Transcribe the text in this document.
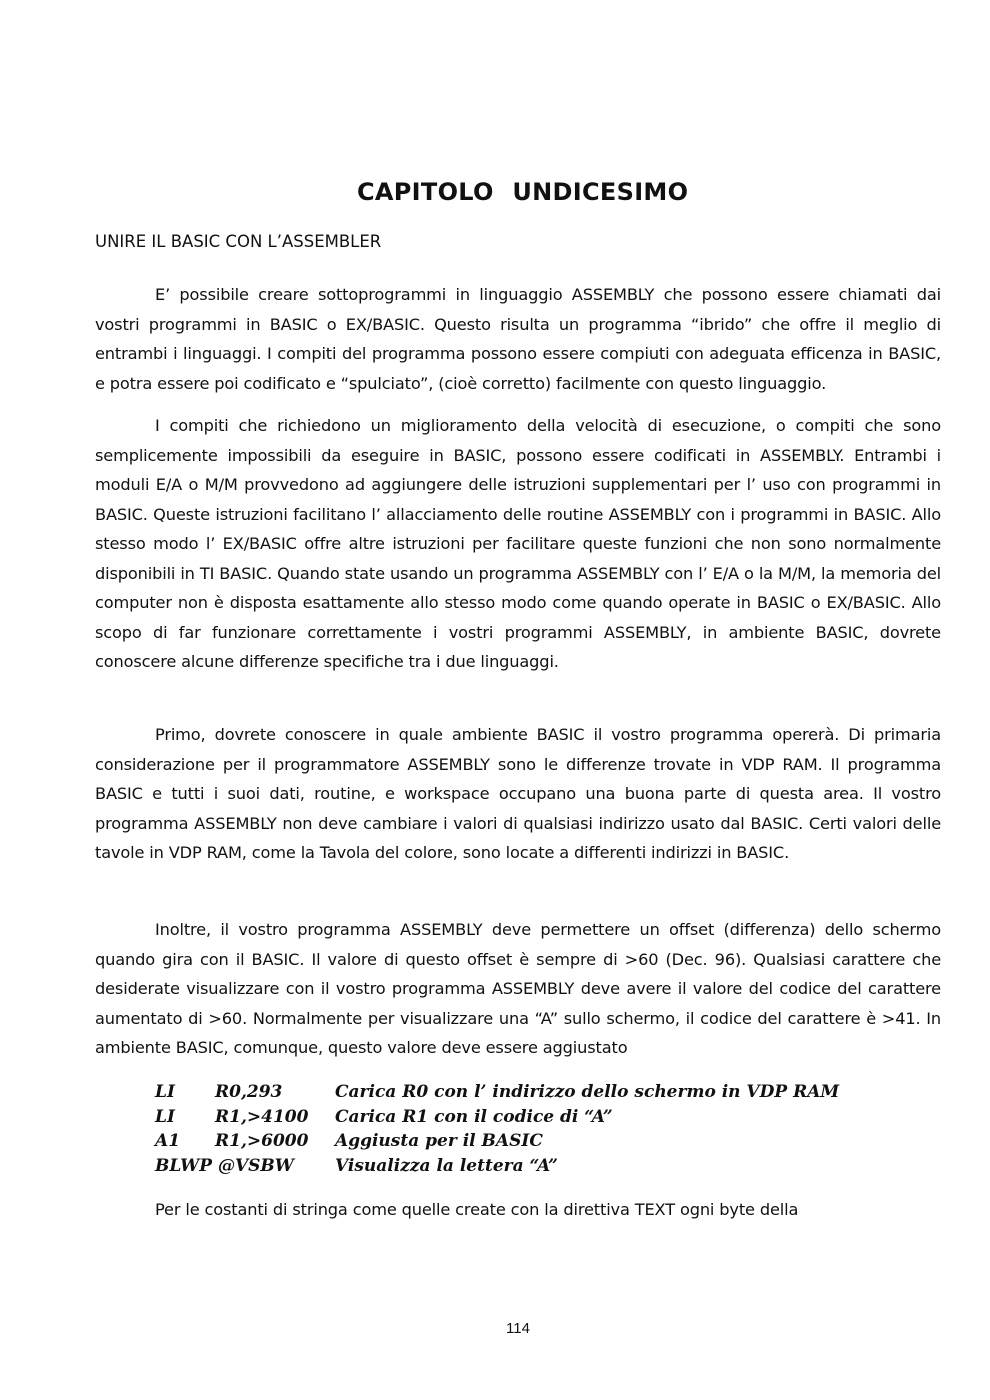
CAPITOLO UNDICESIMO
UNIRE IL BASIC CON L’ASSEMBLER

E’ possibile creare sottoprogrammi in linguaggio ASSEMBLY che possono essere chiamati dai vostri programmi in BASIC o EX/BASIC. Questo risulta un programma “ibrido” che offre il meglio di entrambi i linguaggi. I compiti del programma possono essere compiuti con adeguata efficenza in BASIC, e potra essere poi codificato e “spulciato”, (cioè corretto) facilmente con questo linguaggio.

I compiti che richiedono un miglioramento della velocità di esecuzione, o compiti che sono semplicemente impossibili da eseguire in BASIC, possono essere codificati in ASSEMBLY. Entrambi i moduli E/A o M/M provvedono ad aggiungere delle istruzioni supplementari per l’ uso con programmi in BASIC. Queste istruzioni facilitano l’ allacciamento delle routine ASSEMBLY con i programmi in BASIC. Allo stesso modo l’ EX/BASIC offre altre istruzioni per facilitare queste funzioni che non sono normalmente disponibili in TI BASIC. Quando state usando un programma ASSEMBLY con l’ E/A o la M/M, la memoria del computer non è disposta esattamente allo stesso modo come quando operate in BASIC o EX/BASIC. Allo scopo di far funzionare correttamente i vostri programmi ASSEMBLY, in ambiente BASIC, dovrete conoscere alcune differenze specifiche tra i due linguaggi.

Primo, dovrete conoscere in quale ambiente BASIC il vostro programma opererà. Di primaria considerazione per il programmatore ASSEMBLY sono le differenze trovate in VDP RAM. Il programma BASIC e tutti i suoi dati, routine, e workspace occupano una buona parte di questa area. Il vostro programma ASSEMBLY non deve cambiare i valori di qualsiasi indirizzo usato dal BASIC. Certi valori delle tavole in VDP RAM, come la Tavola del colore, sono locate a differenti indirizzi in BASIC.

Inoltre, il vostro programma ASSEMBLY deve permettere un offset (differenza) dello schermo quando gira con il BASIC. Il valore di questo offset è sempre di >60 (Dec. 96). Qualsiasi carattere che desiderate visualizzare con il vostro programma ASSEMBLY deve avere il valore del codice del carattere aumentato di >60. Normalmente per visualizzare una “A” sullo schermo, il codice del carattere è >41. In ambiente BASIC, comunque, questo valore deve essere aggiustato

LI	R0,293	Carica R0 con l’ indirizzo dello schermo in VDP RAM
LI	R1,>4100	Carica R1 con il codice di “A”
A1	R1,>6000	Aggiusta per il BASIC
BLWP @VSBW	Visualizza la lettera “A”

Per le costanti di stringa come quelle create con la direttiva TEXT ogni byte della

114
